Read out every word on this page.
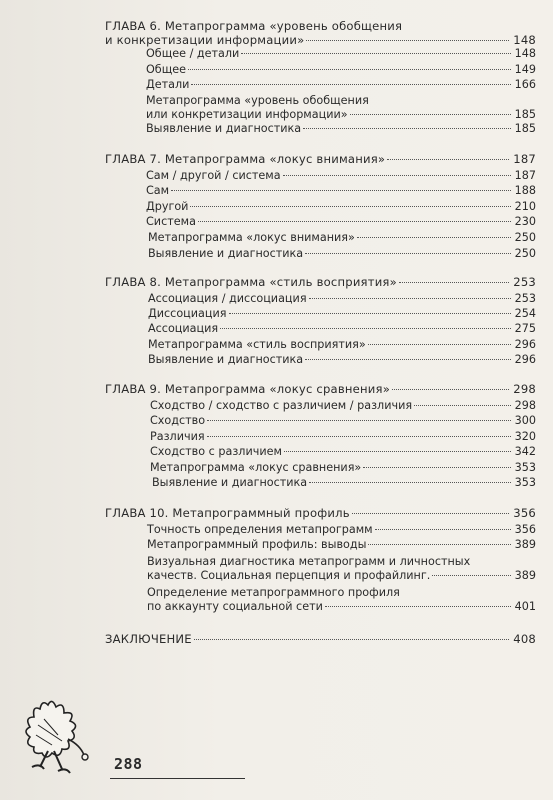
ГЛАВА 6. Метапрограмма «уровень обобщения
и конкретизации информации»	148
Общее / детали	148
Общее	149
Детали	166
Метапрограмма «уровень обобщения
или конкретизации информации»	185
Выявление и диагностика	185
ГЛАВА 7. Метапрограмма «локус внимания»	187
Сам / другой / система	187
Сам	188
Другой	210
Система	230
Метапрограмма «локус внимания»	250
Выявление и диагностика	250
ГЛАВА 8. Метапрограмма «стиль восприятия»	253
Ассоциация / диссоциация	253
Диссоциация	254
Ассоциация	275
Метапрограмма «стиль восприятия»	296
Выявление и диагностика	296
ГЛАВА 9. Метапрограмма «локус сравнения»	298
Сходство / сходство с различием / различия	298
Сходство	300
Различия	320
Сходство с различием	342
Метапрограмма «локус сравнения»	353
Выявление и диагностика	353
ГЛАВА 10. Метапрограммный профиль	356
Точность определения метапрограмм	356
Метапрограммный профиль: выводы	389
Визуальная диагностика метапрограмм и личностных
качеств. Социальная перцепция и профайлинг.	389
Определение метапрограммного профиля
по аккаунту социальной сети	401
ЗАКЛЮЧЕНИЕ	408
288
